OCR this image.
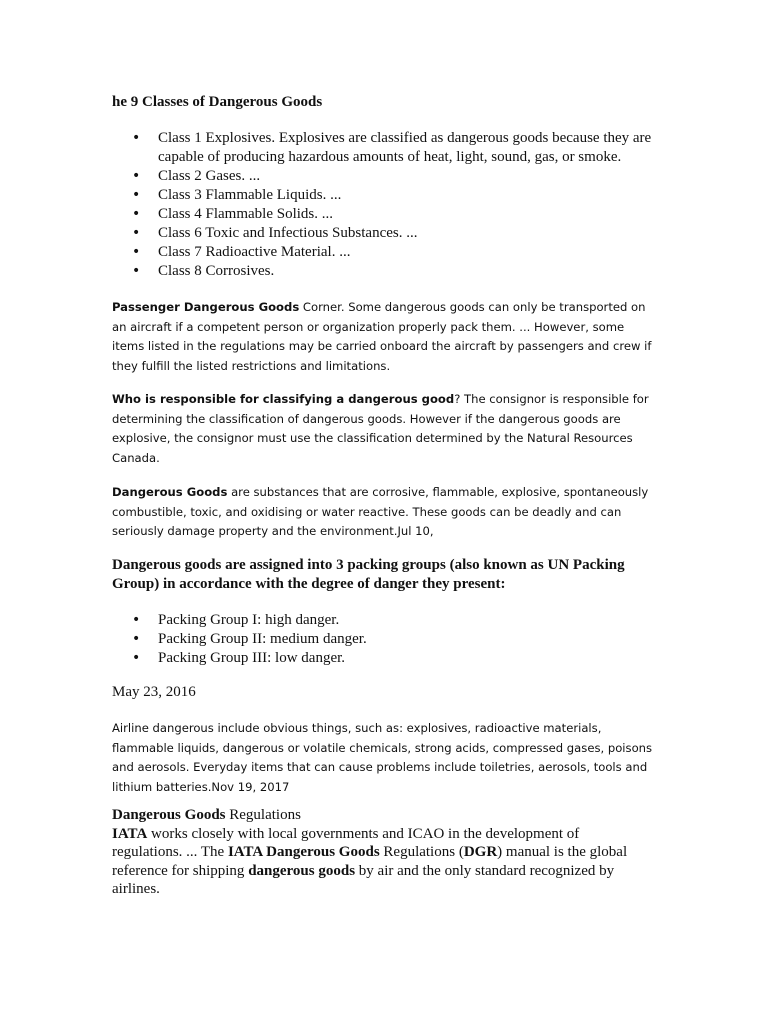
he 9 Classes of Dangerous Goods
• Class 1 Explosives. Explosives are classified as dangerous goods because they are capable of producing hazardous amounts of heat, light, sound, gas, or smoke.
• Class 2 Gases. ...
• Class 3 Flammable Liquids. ...
• Class 4 Flammable Solids. ...
• Class 6 Toxic and Infectious Substances. ...
• Class 7 Radioactive Material. ...
• Class 8 Corrosives.

Passenger Dangerous Goods Corner. Some dangerous goods can only be transported on an aircraft if a competent person or organization properly pack them. ... However, some items listed in the regulations may be carried onboard the aircraft by passengers and crew if they fulfill the listed restrictions and limitations.

Who is responsible for classifying a dangerous good? The consignor is responsible for determining the classification of dangerous goods. However if the dangerous goods are explosive, the consignor must use the classification determined by the Natural Resources Canada.

Dangerous Goods are substances that are corrosive, flammable, explosive, spontaneously combustible, toxic, and oxidising or water reactive. These goods can be deadly and can seriously damage property and the environment.Jul 10,

Dangerous goods are assigned into 3 packing groups (also known as UN Packing Group) in accordance with the degree of danger they present:

• Packing Group I: high danger.
• Packing Group II: medium danger.
• Packing Group III: low danger.
May 23, 2016

Airline dangerous include obvious things, such as: explosives, radioactive materials, flammable liquids, dangerous or volatile chemicals, strong acids, compressed gases, poisons and aerosols. Everyday items that can cause problems include toiletries, aerosols, tools and lithium batteries.Nov 19, 2017

Dangerous Goods Regulations
IATA works closely with local governments and ICAO in the development of regulations. ... The IATA Dangerous Goods Regulations (DGR) manual is the global reference for shipping dangerous goods by air and the only standard recognized by airlines.
